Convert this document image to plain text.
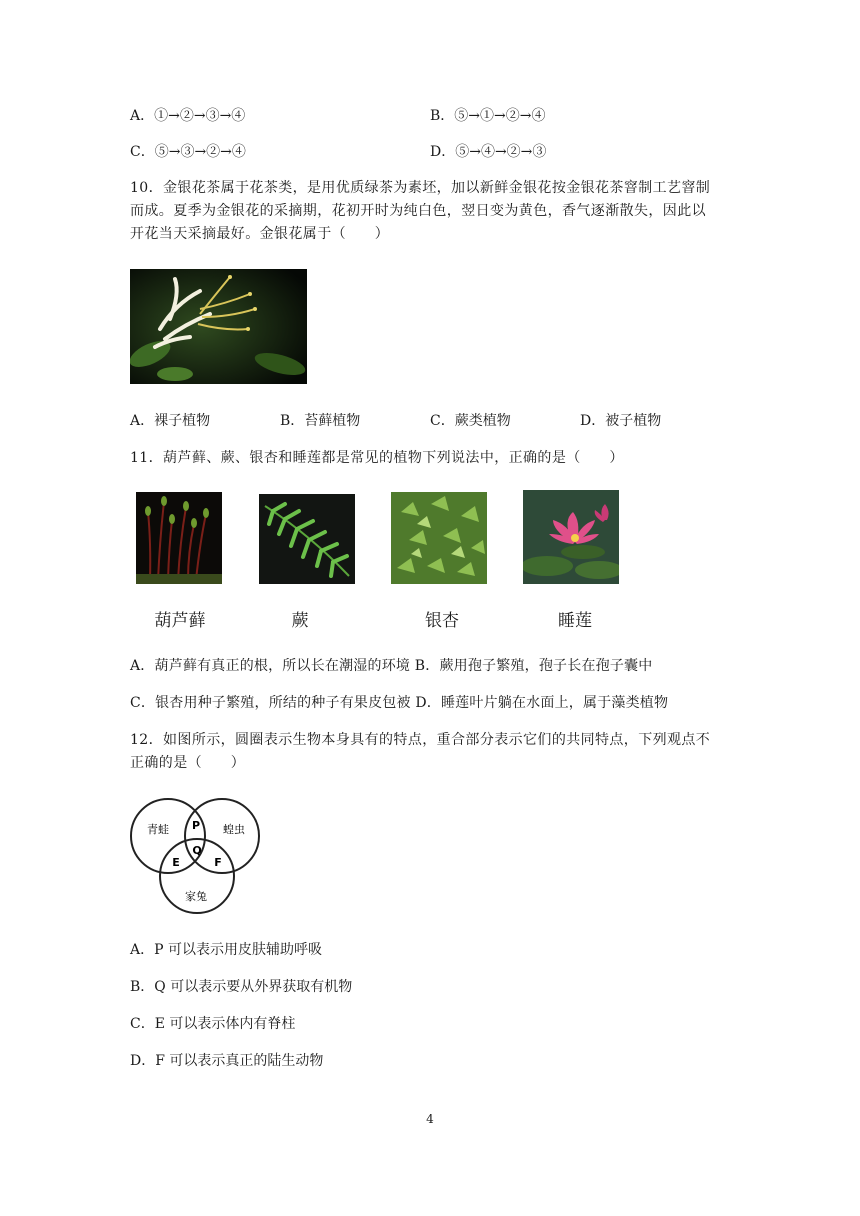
A．①→②→③→④	B．⑤→①→②→④
C．⑤→③→②→④	D．⑤→④→②→③
10．金银花茶属于花茶类，是用优质绿茶为素坯，加以新鲜金银花按金银花茶窨制工艺窨制
而成。夏季为金银花的采摘期，花初开时为纯白色，翌日变为黄色，香气逐渐散失，因此以
开花当天采摘最好。金银花属于（　　）
A．裸子植物	B．苔藓植物	C．蕨类植物	D．被子植物
11．葫芦藓、蕨、银杏和睡莲都是常见的植物下列说法中，正确的是（　　）
葫芦藓	蕨	银杏	睡莲
A．葫芦藓有真正的根，所以长在潮湿的环境 B．蕨用孢子繁殖，孢子长在孢子囊中
C．银杏用种子繁殖，所结的种子有果皮包被 D．睡莲叶片躺在水面上，属于藻类植物
12．如图所示，圆圈表示生物本身具有的特点，重合部分表示它们的共同特点，下列观点不
正确的是（　　）
青蛙	蝗虫
家兔
P
Q
E	F
A．P 可以表示用皮肤辅助呼吸
B．Q 可以表示要从外界获取有机物
C．E 可以表示体内有脊柱
D．F 可以表示真正的陆生动物
4
